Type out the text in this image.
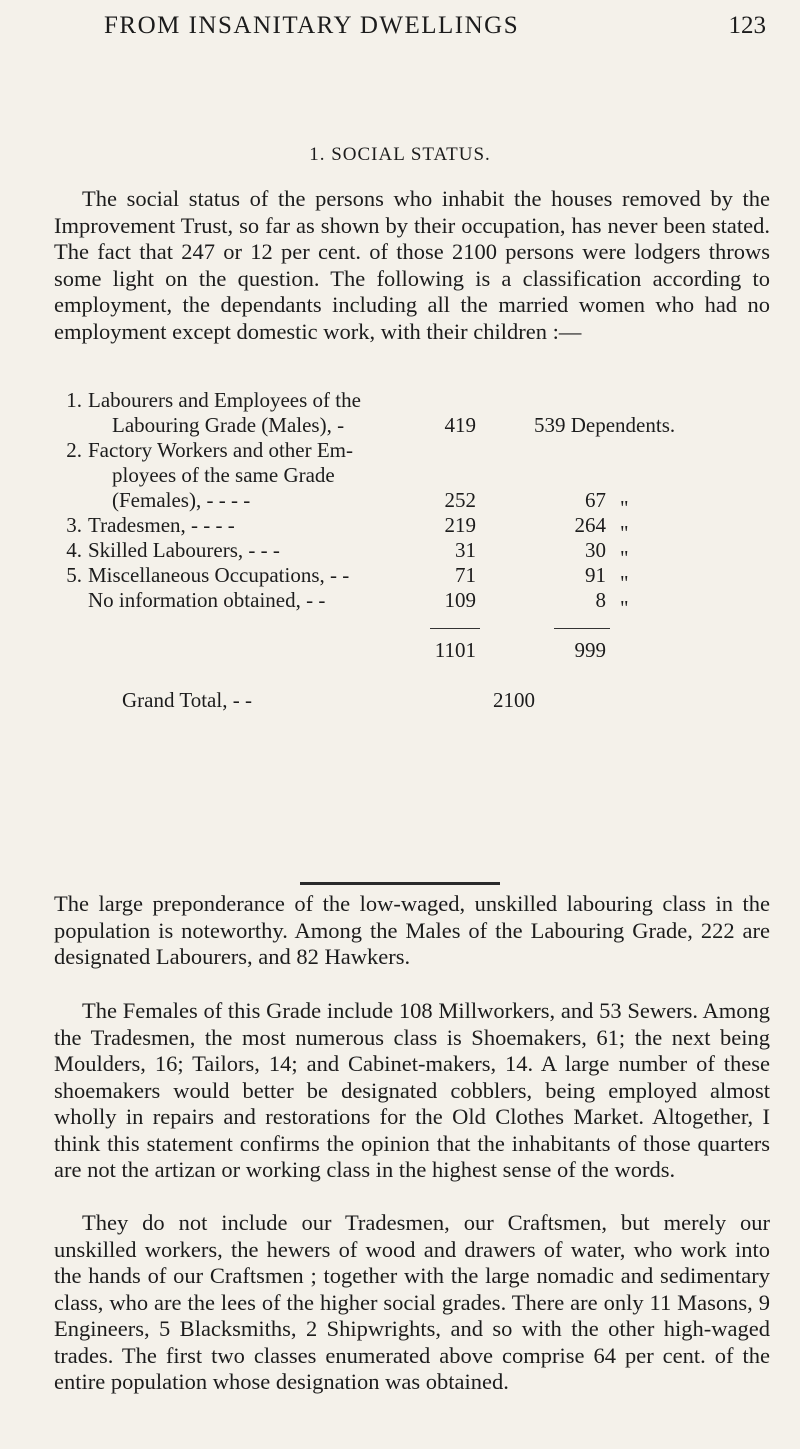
FROM INSANITARY DWELLINGS	123
1. SOCIAL STATUS.

The social status of the persons who inhabit the houses removed by the Improvement Trust, so far as shown by their occupation, has never been stated. The fact that 247 or 12 per cent. of those 2100 persons were lodgers throws some light on the question. The following is a classification according to employment, the dependants including all the married women who had no employment except domestic work, with their children :—

1. Labourers and Employees of the
Labouring Grade (Males), -	419	539 Dependents.
2. Factory Workers and other Em-
ployees of the same Grade
(Females), - - - -	252	67 "
3. Tradesmen, - - - -	219	264 "
4. Skilled Labourers, - - -	31	30 "
5. Miscellaneous Occupations, - -	71	91 "
No information obtained, - -	109	8 "
1101	999
Grand Total, - -	2100

The large preponderance of the low-waged, unskilled labouring class in the population is noteworthy. Among the Males of the Labouring Grade, 222 are designated Labourers, and 82 Hawkers.

The Females of this Grade include 108 Millworkers, and 53 Sewers. Among the Tradesmen, the most numerous class is Shoemakers, 61; the next being Moulders, 16; Tailors, 14; and Cabinet-makers, 14. A large number of these shoemakers would better be designated cobblers, being employed almost wholly in repairs and restorations for the Old Clothes Market. Altogether, I think this statement confirms the opinion that the inhabitants of those quarters are not the artizan or working class in the highest sense of the words.

They do not include our Tradesmen, our Craftsmen, but merely our unskilled workers, the hewers of wood and drawers of water, who work into the hands of our Craftsmen ; together with the large nomadic and sedimentary class, who are the lees of the higher social grades. There are only 11 Masons, 9 Engineers, 5 Blacksmiths, 2 Shipwrights, and so with the other high-waged trades. The first two classes enumerated above comprise 64 per cent. of the entire population whose designation was obtained.
